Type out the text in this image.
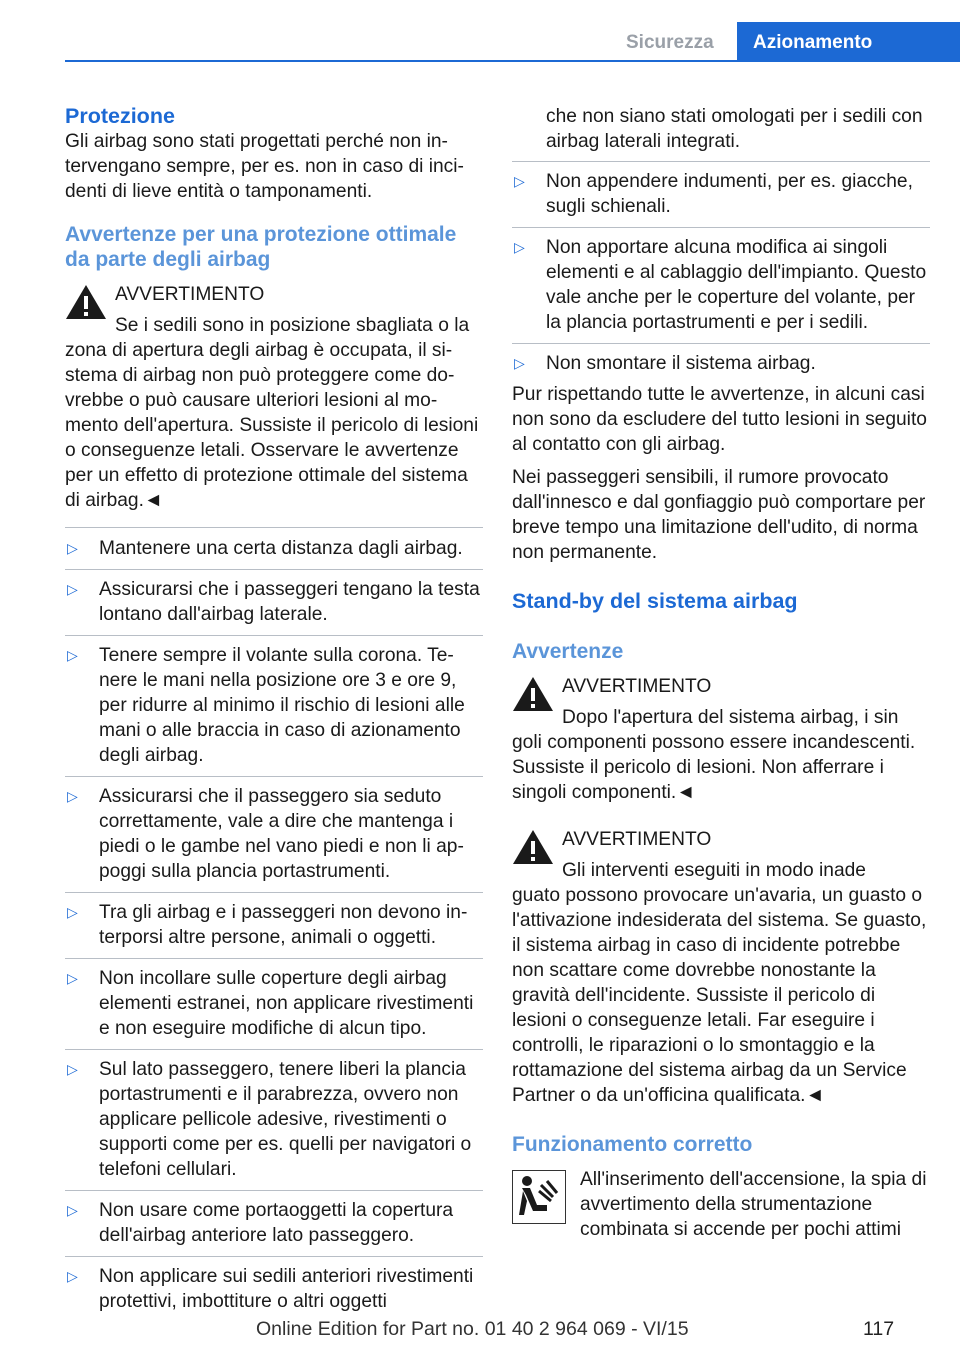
Sicurezza	Azionamento
Protezione

Gli airbag sono stati progettati perché non intervengano sempre, per es. non in caso di incidenti di lieve entità o tamponamenti.

Avvertenze per una protezione ottimale da parte degli airbag
AVVERTIMENTO
Se i sedili sono in posizione sbagliata o la
zona di apertura degli airbag è occupata, il sistema di airbag non può proteggere come dovrebbe o può causare ulteriori lesioni al momento dell'apertura. Sussiste il pericolo di lesioni o conseguenze letali. Osservare le avvertenze per un effetto di protezione ottimale del sistema di airbag.◄
▷ Mantenere una certa distanza dagli airbag.
▷ Assicurarsi che i passeggeri tengano la testa lontano dall'airbag laterale.
▷ Tenere sempre il volante sulla corona. Tenere le mani nella posizione ore 3 e ore 9, per ridurre al minimo il rischio di lesioni alle mani o alle braccia in caso di azionamento degli airbag.
▷ Assicurarsi che il passeggero sia seduto correttamente, vale a dire che mantenga i piedi o le gambe nel vano piedi e non li appoggi sulla plancia portastrumenti.
▷ Tra gli airbag e i passeggeri non devono interporsi altre persone, animali o oggetti.
▷ Non incollare sulle coperture degli airbag elementi estranei, non applicare rivestimenti e non eseguire modifiche di alcun tipo.
▷ Sul lato passeggero, tenere liberi la plancia portastrumenti e il parabrezza, ovvero non applicare pellicole adesive, rivestimenti o supporti come per es. quelli per navigatori o telefoni cellulari.
▷ Non usare come portaoggetti la copertura dell'airbag anteriore lato passeggero.
▷ Non applicare sui sedili anteriori rivestimenti protettivi, imbottiture o altri oggetti

che non siano stati omologati per i sedili con airbag laterali integrati.

▷ Non appendere indumenti, per es. giacche, sugli schienali.
▷ Non apportare alcuna modifica ai singoli elementi e al cablaggio dell'impianto. Questo vale anche per le coperture del volante, per la plancia portastrumenti e per i sedili.
▷ Non smontare il sistema airbag.

Pur rispettando tutte le avvertenze, in alcuni casi non sono da escludere del tutto lesioni in seguito al contatto con gli airbag.

Nei passeggeri sensibili, il rumore provocato dall'innesco e dal gonfiaggio può comportare per breve tempo una limitazione dell'udito, di norma non permanente.

Stand-by del sistema airbag
Avvertenze
AVVERTIMENTO
Dopo l'apertura del sistema airbag, i sin
goli componenti possono essere incandescenti. Sussiste il pericolo di lesioni. Non afferrare i singoli componenti.◄
AVVERTIMENTO
Gli interventi eseguiti in modo inade
guato possono provocare un'avaria, un guasto o l'attivazione indesiderata del sistema. Se guasto, il sistema airbag in caso di incidente potrebbe non scattare come dovrebbe nonostante la gravità dell'incidente. Sussiste il pericolo di lesioni o conseguenze letali. Far eseguire i controlli, le riparazioni o lo smontaggio e la rottamazione del sistema airbag da un Service Partner o da un'officina qualificata.◄
Funzionamento corretto
All'inserimento dell'accensione, la spia di avvertimento della strumentazione combinata si accende per pochi attimi
Online Edition for Part no. 01 40 2 964 069 - VI/15	117
